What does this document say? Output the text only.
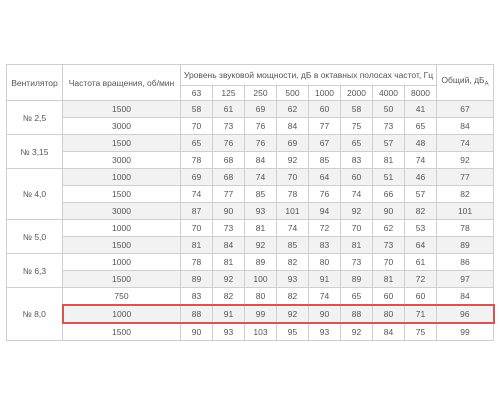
Вентилятор	Частота вращения, об/мин	Уровень звуковой мощности, дБ в октавных полосах частот, Гц								Общий, $дБ_A$
		63	125	250	500	1000	2000	4000	8000	
№ 2,5	1500	58	61	69	62	60	58	50	41	67
	3000	70	73	76	84	77	75	73	65	84
№ 3,15	1500	65	76	76	69	67	65	57	48	74
	3000	78	68	84	92	85	83	81	74	92
№ 4,0	1000	69	68	74	70	64	60	51	46	77
	1500	74	77	85	78	76	74	66	57	82
	3000	87	90	93	101	94	92	90	82	101
№ 5,0	1000	70	73	81	74	72	70	62	53	78
	1500	81	84	92	85	83	81	73	64	89
№ 6,3	1000	78	81	89	82	80	73	70	61	86
	1500	89	92	100	93	91	89	81	72	97
№ 8,0	750	83	82	80	82	74	65	60	60	84
	1000	88	91	99	92	90	88	80	71	96
	1500	90	93	103	95	93	92	84	75	99
